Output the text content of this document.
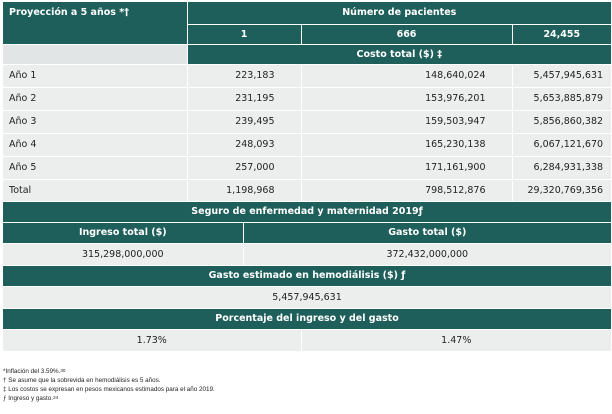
Proyección a 5 años *†	Número de pacientes			
	1		666	24,455
	Costo total ($) ‡			
Año 1	223,183		148,640,024	5,457,945,631
Año 2	231,195		153,976,201	5,653,885,879
Año 3	239,495		159,503,947	5,856,860,382
Año 4	248,093		165,230,138	6,067,121,670
Año 5	257,000		171,161,900	6,284,931,338
Total	1,198,968		798,512,876	29,320,769,356
Seguro de enfermedad y maternidad 2019ƒ				
Ingreso total ($)		Gasto total ($)		
315,298,000,000		372,432,000,000		
Gasto estimado en hemodiálisis ($) ƒ				
5,457,945,631				
Porcentaje del ingreso y del gasto				
1.73%			1.47%	
*Inflación del 3.59%.$^{30}$
† Se asume que la sobrevida en hemodiálisis es 5 años.
‡ Los costos se expresan en pesos mexicanos estimados para el año 2019.
ƒ Ingreso y gasto.$^{24}$
